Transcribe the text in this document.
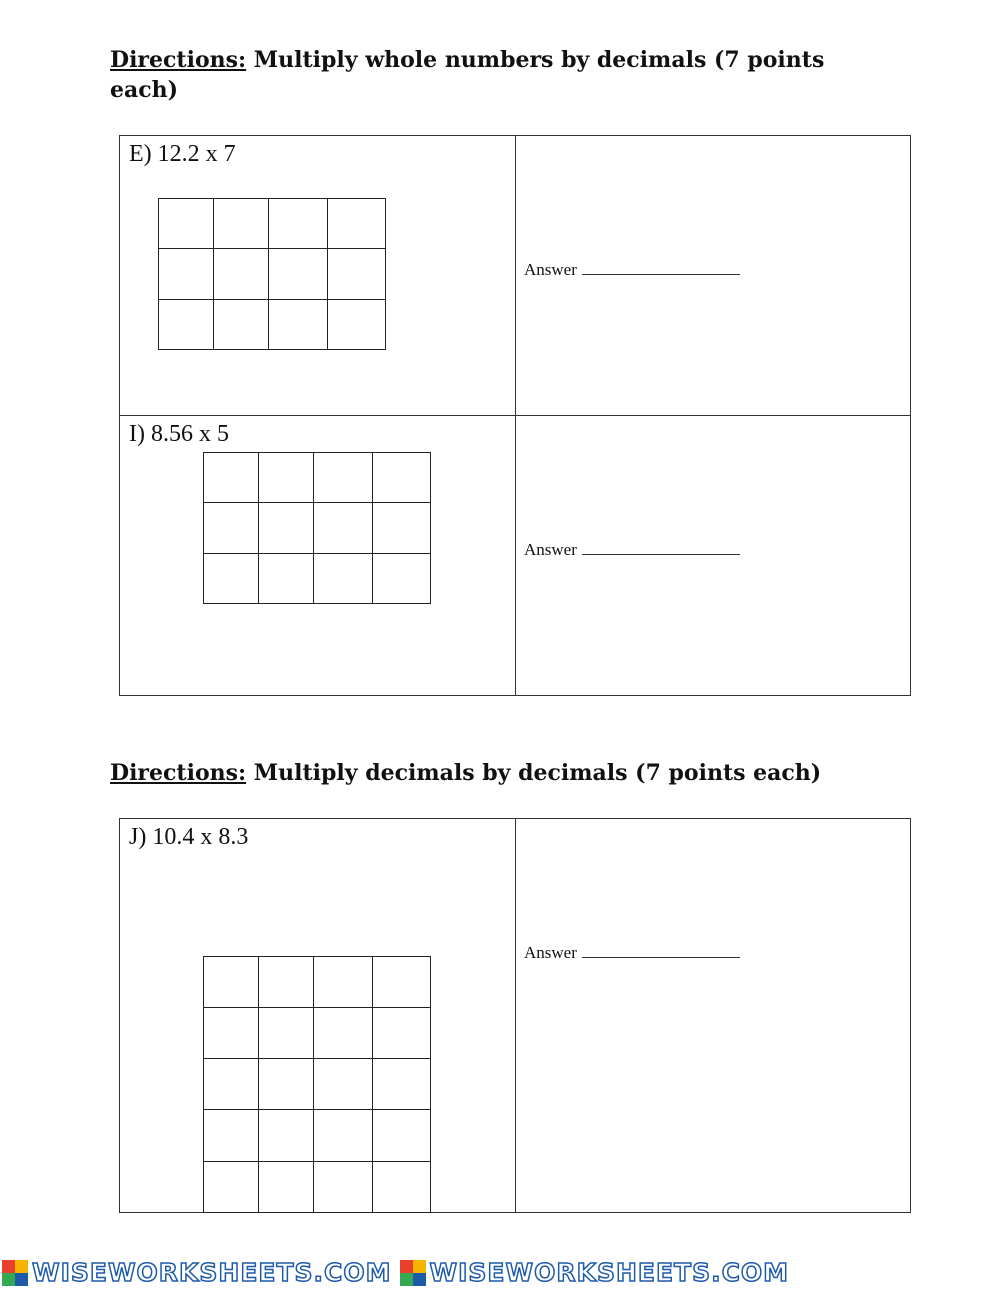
Directions: Multiply whole numbers by decimals (7 points each)

E) 12.2 x 7

Answer
I) 8.56 x 5

Answer

Directions: Multiply decimals by decimals (7 points each)

J) 10.4 x 8.3

Answer
WISEWORKSHEETS.COM WISEWORKSHEETS.COM
